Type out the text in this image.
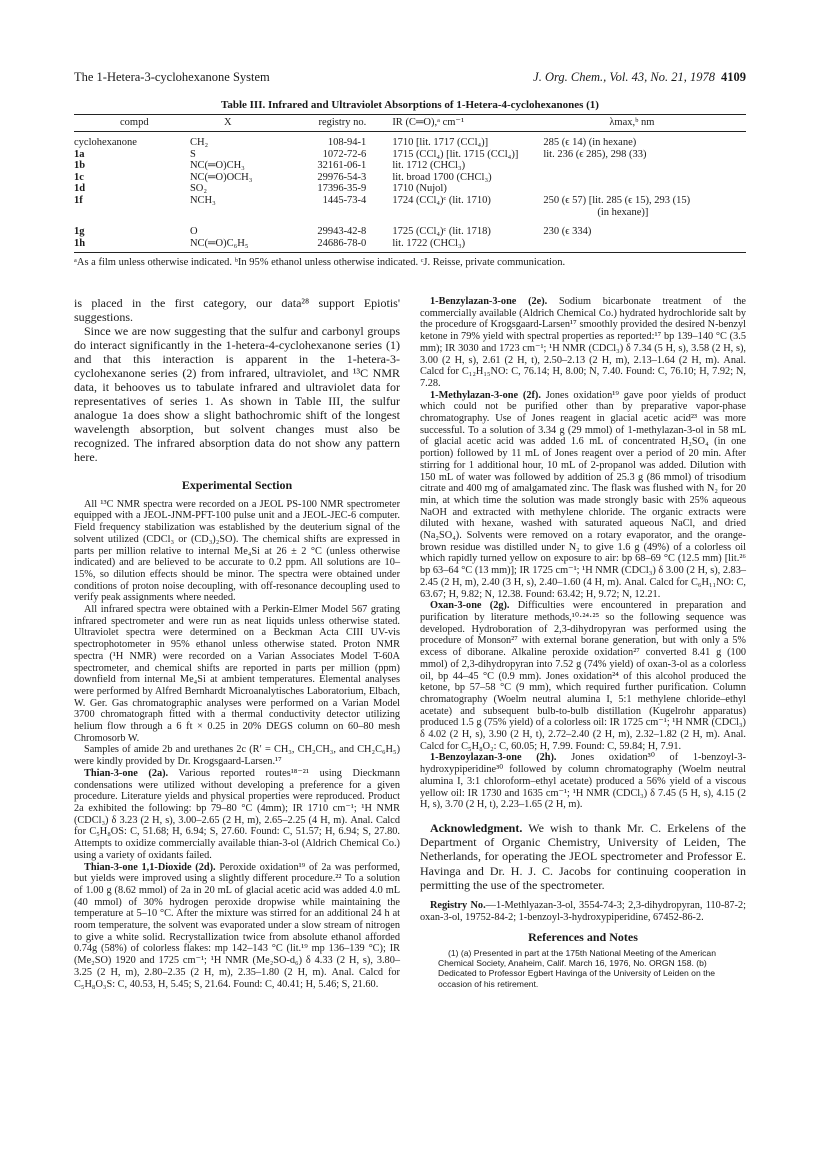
The 1-Hetera-3-cyclohexanone System	J. Org. Chem., Vol. 43, No. 21, 1978 4109
Table III. Infrared and Ultraviolet Absorptions of 1-Hetera-4-cyclohexanones (1)
compd	X	registry no.	IR (C═O),ᵃ cm⁻¹	λmax,ᵇ nm
cyclohexanone	CH₂	108-94-1	1710 [lit. 1717 (CCl₄)]	285 (ϵ 14) (in hexane)
1a	S	1072-72-6	1715 (CCl₄) [lit. 1715 (CCl₄)]	lit. 236 (ϵ 285), 298 (33)
1b	NC(═O)CH₃	32161-06-1	lit. 1712 (CHCl₃)	
1c	NC(═O)OCH₃	29976-54-3	lit. broad 1700 (CHCl₃)	
1d	SO₂	17396-35-9	1710 (Nujol)	
1f	NCH₃	1445-73-4	1724 (CCl₄)ᶜ (lit. 1710)	250 (ϵ 57) [lit. 285 (ϵ 15), 293 (15)
				(in hexane)]
1g	O	29943-42-8	1725 (CCl₄)ᶜ (lit. 1718)	230 (ϵ 334)
1h	NC(═O)C₆H₅	24686-78-0	lit. 1722 (CHCl₃)	
ᵃAs a film unless otherwise indicated. ᵇIn 95% ethanol unless otherwise indicated. ᶜJ. Reisse, private communication.

is placed in the first category, our data²⁸ support Epiotis' suggestions.

Since we are now suggesting that the sulfur and carbonyl groups do interact significantly in the 1-hetera-4-cyclohexanone series (1) and that this interaction is apparent in the 1-hetera-3-cyclohexanone series (2) from infrared, ultraviolet, and ¹³C NMR data, it behooves us to tabulate infrared and ultraviolet data for representatives of series 1. As shown in Table III, the sulfur analogue 1a does show a slight bathochromic shift of the longest wavelength absorption, but solvent changes must also be recognized. The infrared absorption data do not show any pattern here.

Experimental Section

All ¹³C NMR spectra were recorded on a JEOL PS-100 NMR spectrometer equipped with a JEOL-JNM-PFT-100 pulse unit and a JEOL-JEC-6 computer. Field frequency stabilization was established by the deuterium signal of the solvent utilized (CDCl₃ or (CD₃)₂SO). The chemical shifts are expressed in parts per million relative to internal Me₄Si at 26 ± 2 °C (unless otherwise indicated) and are believed to be accurate to 0.2 ppm. All solutions are 10–15%, so dilution effects should be minor. The spectra were obtained under conditions of proton noise decoupling, with off-resonance decoupling used to verify peak assignments where needed.

All infrared spectra were obtained with a Perkin-Elmer Model 567 grating infrared spectrometer and were run as neat liquids unless otherwise stated. Ultraviolet spectra were determined on a Beckman Acta CIII UV-vis spectrophotometer in 95% ethanol unless otherwise stated. Proton NMR spectra (¹H NMR) were recorded on a Varian Associates Model T-60A spectrometer, and chemical shifts are reported in parts per million (ppm) downfield from internal Me₄Si at ambient temperatures. Elemental analyses were performed by Alfred Bernhardt Microanalytisches Laboratorium, Elbach, W. Ger. Gas chromatographic analyses were performed on a Varian Model 3700 chromatograph fitted with a thermal conductivity detector utilizing helium flow through a 6 ft × 0.25 in 20% DEGS column on 60–80 mesh Chromosorb W.

Samples of amide 2b and urethanes 2c (R′ = CH₃, CH₂CH₃, and CH₂C₆H₅) were kindly provided by Dr. Krogsgaard-Larsen.¹⁷

Thian-3-one (2a). Various reported routes¹⁸⁻²¹ using Dieckmann condensations were utilized without developing a preference for a given procedure. Literature yields and physical properties were reproduced. Product 2a exhibited the following: bp 79–80 °C (4mm); IR 1710 cm⁻¹; ¹H NMR (CDCl₃) δ 3.23 (2 H, s), 3.00–2.65 (2 H, m), 2.65–2.25 (4 H, m). Anal. Calcd for C₅H₈OS: C, 51.68; H, 6.94; S, 27.60. Found: C, 51.57; H, 6.94; S, 27.80. Attempts to oxidize commercially available thian-3-ol (Aldrich Chemical Co.) using a variety of oxidants failed.

Thian-3-one 1,1-Dioxide (2d). Peroxide oxidation¹⁹ of 2a was performed, but yields were improved using a slightly different procedure.²² To a solution of 1.00 g (8.62 mmol) of 2a in 20 mL of glacial acetic acid was added 4.0 mL (40 mmol) of 30% hydrogen peroxide dropwise while maintaining the temperature at 5–10 °C. After the mixture was stirred for an additional 24 h at room temperature, the solvent was evaporated under a slow stream of nitrogen to give a white solid. Recrystallization twice from absolute ethanol afforded 0.74g (58%) of colorless flakes: mp 142–143 °C (lit.¹⁹ mp 136–139 °C); IR (Me₂SO) 1920 and 1725 cm⁻¹; ¹H NMR (Me₂SO-d₆) δ 4.33 (2 H, s), 3.80–3.25 (2 H, m), 2.80–2.35 (2 H, m), 2.35–1.80 (2 H, m). Anal. Calcd for C₅H₈O₃S: C, 40.53, H, 5.45; S, 21.64. Found: C, 40.41; H, 5.46; S, 21.60.

1-Benzylazan-3-one (2e). Sodium bicarbonate treatment of the commercially available (Aldrich Chemical Co.) hydrated hydrochloride salt by the procedure of Krogsgaard-Larsen¹⁷ smoothly provided the desired N-benzyl ketone in 79% yield with spectral properties as reported:¹⁷ bp 139–140 °C (3.5 mm); IR 3030 and 1723 cm⁻¹; ¹H NMR (CDCl₃) δ 7.34 (5 H, s), 3.58 (2 H, s), 3.00 (2 H, s), 2.61 (2 H, t), 2.50–2.13 (2 H, m), 2.13–1.64 (2 H, m). Anal. Calcd for C₁₂H₁₅NO: C, 76.14; H, 8.00; N, 7.40. Found: C, 76.10; H, 7.92; N, 7.28.

1-Methylazan-3-one (2f). Jones oxidation¹⁹ gave poor yields of product which could not be purified other than by preparative vapor-phase chromatography. Use of Jones reagent in glacial acetic acid²³ was more successful. To a solution of 3.34 g (29 mmol) of 1-methylazan-3-ol in 58 mL of glacial acetic acid was added 1.6 mL of concentrated H₂SO₄ (in one portion) followed by 11 mL of Jones reagent over a period of 20 min. After stirring for 1 additional hour, 10 mL of 2-propanol was added. Dilution with 150 mL of water was followed by addition of 25.3 g (86 mmol) of trisodium citrate and 400 mg of amalgamated zinc. The flask was flushed with N₂ for 20 min, at which time the solution was made strongly basic with 25% aqueous NaOH and extracted with methylene chloride. The organic extracts were diluted with hexane, washed with saturated aqueous NaCl, and dried (Na₂SO₄). Solvents were removed on a rotary evaporator, and the orange-brown residue was distilled under N₂ to give 1.6 g (49%) of a colorless oil which rapidly turned yellow on exposure to air: bp 68–69 °C (12.5 mm) [lit.²⁶ bp 63–64 °C (13 mm)]; IR 1725 cm⁻¹; ¹H NMR (CDCl₃) δ 3.00 (2 H, s), 2.83–2.45 (2 H, m), 2.40 (3 H, s), 2.40–1.60 (4 H, m). Anal. Calcd for C₆H₁₁NO: C, 63.67; H, 9.82; N, 12.38. Found: 63.42; H, 9.72; N, 12.21.

Oxan-3-one (2g). Difficulties were encountered in preparation and purification by literature methods,¹⁰·²⁴·²⁵ so the following sequence was developed. Hydroboration of 2,3-dihydropyran was performed using the procedure of Monson²⁷ with external borane generation, but with only a 5% excess of diborane. Alkaline peroxide oxidation²⁷ converted 8.41 g (100 mmol) of 2,3-dihydropyran into 7.52 g (74% yield) of oxan-3-ol as a colorless oil, bp 44–45 °C (0.9 mm). Jones oxidation²⁴ of this alcohol produced the ketone, bp 57–58 °C (9 mm), which required further purification. Column chromatography (Woelm neutral alumina I, 5:1 methylene chloride–ethyl acetate) and subsequent bulb-to-bulb distillation (Kugelrohr apparatus) produced 1.5 g (75% yield) of a colorless oil: IR 1725 cm⁻¹; ¹H NMR (CDCl₃) δ 4.02 (2 H, s), 3.90 (2 H, t), 2.72–2.40 (2 H, m), 2.32–1.82 (2 H, m). Anal. Calcd for C₅H₈O₂: C, 60.05; H, 7.99. Found: C, 59.84; H, 7.91.

1-Benzoylazan-3-one (2h). Jones oxidation³⁰ of 1-benzoyl-3-hydroxypiperidine³⁰ followed by column chromatography (Woelm neutral alumina I, 3:1 chloroform–ethyl acetate) produced a 56% yield of a viscous yellow oil: IR 1730 and 1635 cm⁻¹; ¹H NMR (CDCl₃) δ 7.45 (5 H, s), 4.15 (2 H, s), 3.70 (2 H, t), 2.23–1.65 (2 H, m).

Acknowledgment. We wish to thank Mr. C. Erkelens of the Department of Organic Chemistry, University of Leiden, The Netherlands, for operating the JEOL spectrometer and Professor E. Havinga and Dr. H. J. C. Jacobs for continuing cooperation in permitting the use of the spectrometer.

Registry No.—1-Methlyazan-3-ol, 3554-74-3; 2,3-dihydropyran, 110-87-2; oxan-3-ol, 19752-84-2; 1-benzoyl-3-hydroxypiperidine, 67452-86-2.

References and Notes

(1) (a) Presented in part at the 175th National Meeting of the American Chemical Society, Anaheim, Calif. March 16, 1976, No. ORGN 158. (b) Dedicated to Professor Egbert Havinga of the University of Leiden on the occasion of his retirement.
